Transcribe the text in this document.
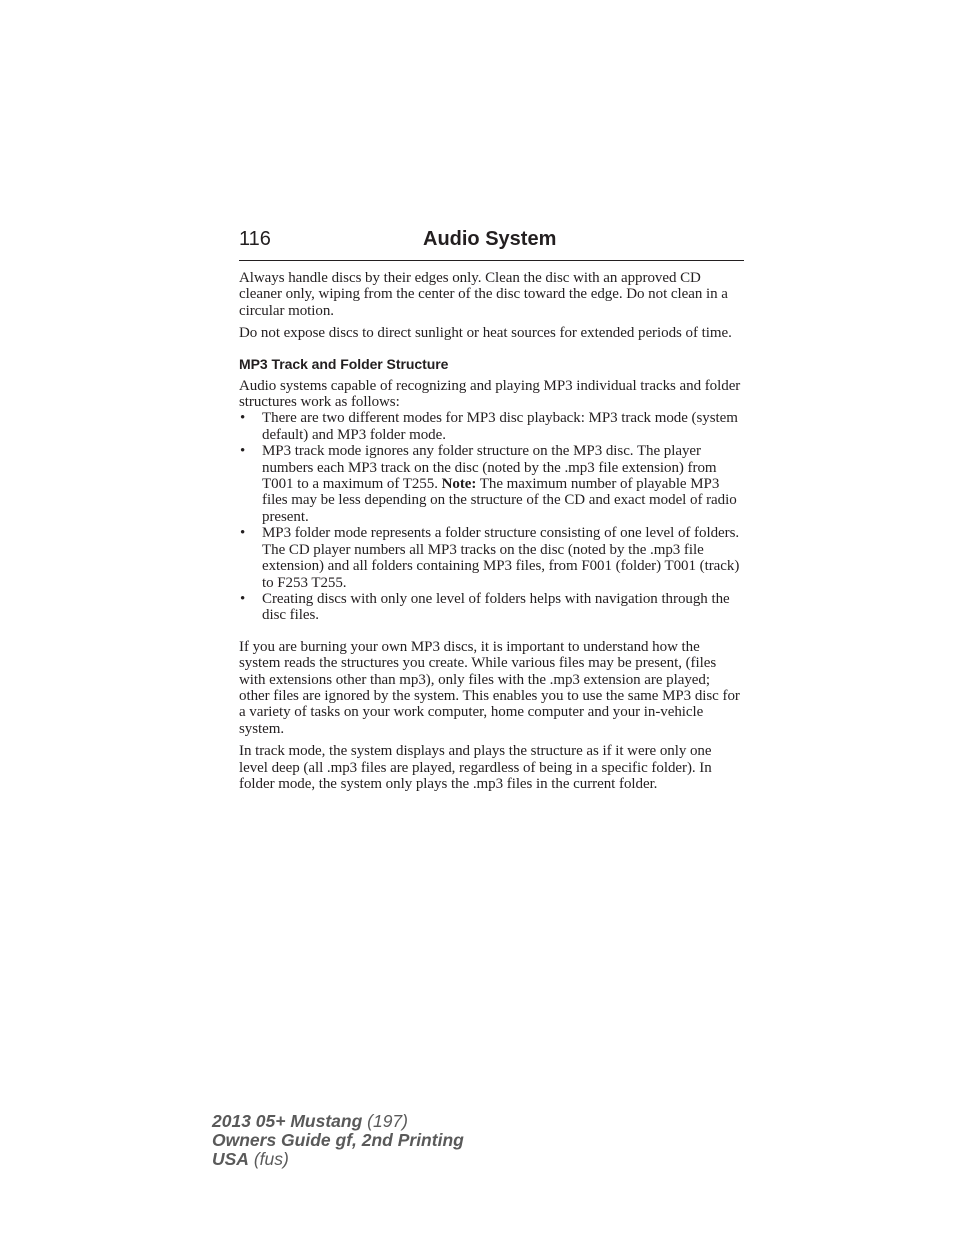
116	Audio System

Always handle discs by their edges only. Clean the disc with an approved CD cleaner only, wiping from the center of the disc toward the edge. Do not clean in a circular motion.

Do not expose discs to direct sunlight or heat sources for extended periods of time.

MP3 Track and Folder Structure

Audio systems capable of recognizing and playing MP3 individual tracks and folder structures work as follows:

• There are two different modes for MP3 disc playback: MP3 track mode (system default) and MP3 folder mode.
• MP3 track mode ignores any folder structure on the MP3 disc. The player numbers each MP3 track on the disc (noted by the .mp3 file extension) from T001 to a maximum of T255. Note: The maximum number of playable MP3 files may be less depending on the structure of the CD and exact model of radio present.
• MP3 folder mode represents a folder structure consisting of one level of folders. The CD player numbers all MP3 tracks on the disc (noted by the .mp3 file extension) and all folders containing MP3 files, from F001 (folder) T001 (track) to F253 T255.
• Creating discs with only one level of folders helps with navigation through the disc files.

If you are burning your own MP3 discs, it is important to understand how the system reads the structures you create. While various files may be present, (files with extensions other than mp3), only files with the .mp3 extension are played; other files are ignored by the system. This enables you to use the same MP3 disc for a variety of tasks on your work computer, home computer and your in-vehicle system.

In track mode, the system displays and plays the structure as if it were only one level deep (all .mp3 files are played, regardless of being in a specific folder). In folder mode, the system only plays the .mp3 files in the current folder.

2013 05+ Mustang (197)
Owners Guide gf, 2nd Printing
USA (fus)
